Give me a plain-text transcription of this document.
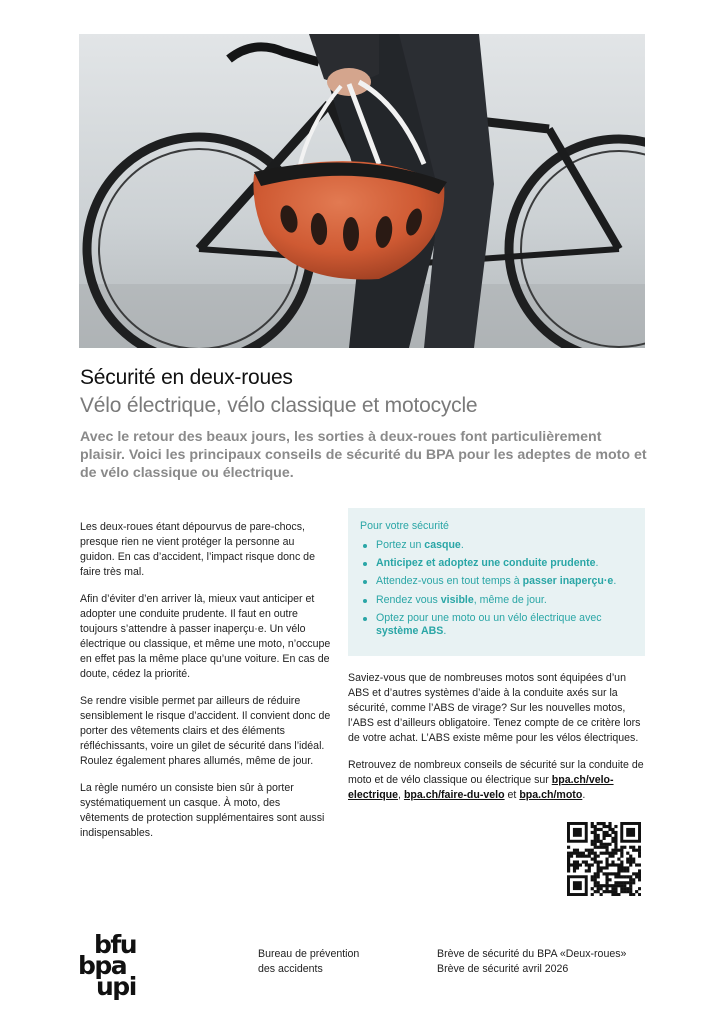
Sécurité en deux-roues
Vélo électrique, vélo classique et motocycle
Avec le retour des beaux jours, les sorties à deux-roues font particulièrement plaisir. Voici les principaux conseils de sécurité du BPA pour les adeptes de moto et de vélo classique ou électrique.

Les deux-roues étant dépourvus de pare-chocs, presque rien ne vient protéger la personne au guidon. En cas d’accident, l’impact risque donc de faire très mal.

Afin d’éviter d’en arriver là, mieux vaut anticiper et adopter une conduite prudente. Il faut en outre toujours s’attendre à passer inaperçu·e. Un vélo électrique ou classique, et même une moto, n’occupe en effet pas la même place qu’une voiture. En cas de doute, cédez la priorité.

Se rendre visible permet par ailleurs de réduire sensiblement le risque d’accident. Il convient donc de porter des vêtements clairs et des éléments réfléchissants, voire un gilet de sécurité dans l’idéal. Roulez également phares allumés, même de jour.

La règle numéro un consiste bien sûr à porter systématiquement un casque. À moto, des vêtements de protection supplémentaires sont aussi indispensables.

Pour votre sécurité
Portez un casque.
Anticipez et adoptez une conduite prudente.
Attendez-vous en tout temps à passer inaperçu·e.
Rendez vous visible, même de jour.
Optez pour une moto ou un vélo électrique avec système ABS.

Saviez-vous que de nombreuses motos sont équipées d’un ABS et d’autres systèmes d’aide à la conduite axés sur la sécurité, comme l’ABS de virage? Sur les nouvelles motos, l’ABS est d’ailleurs obligatoire. Tenez compte de ce critère lors de votre achat. L’ABS existe même pour les vélos électriques.

Retrouvez de nombreux conseils de sécurité sur la conduite de moto et de vélo classique ou électrique sur bpa.ch/velo-electrique, bpa.ch/faire-du-velo et bpa.ch/moto.

bfu
bpa
upi
Bureau de prévention
des accidents
Brève de sécurité du BPA «Deux-roues»
Brève de sécurité avril 2026
